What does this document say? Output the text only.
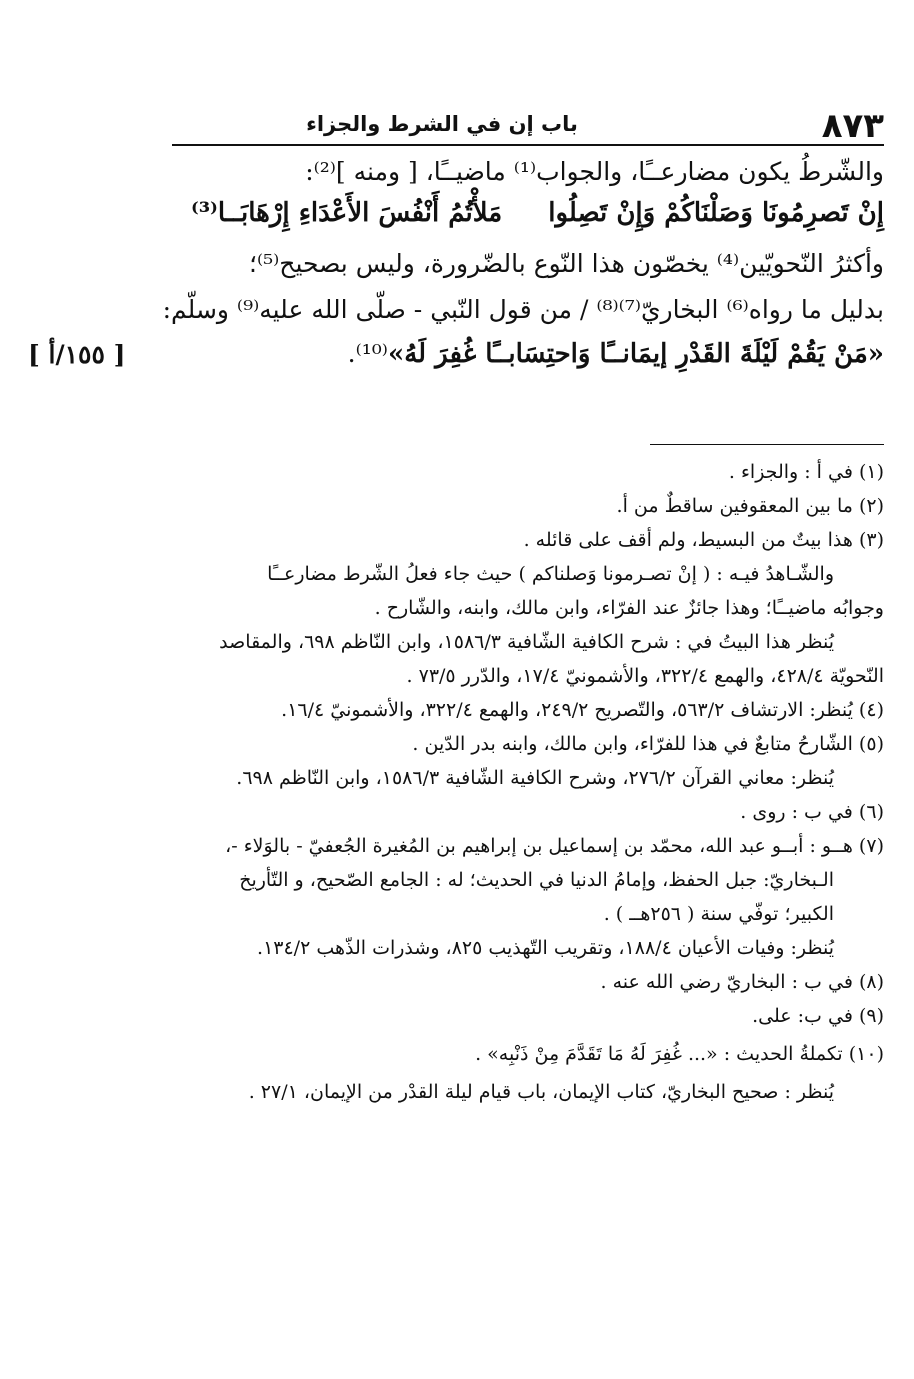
٨٧٣
باب إن في الشرط والجزاء
والشّرطُ يكون مضارعــًا، والجواب⁽¹⁾ ماضيــًا، [ ومنه ]⁽²⁾:
إِنْ تَصرِمُونَا وَصَلْنَاكُمْ وَإِنْ تَصِلُوامَلأْتُمُ أَنْفُسَ الأَعْدَاءِ إِرْهَابَــا⁽³⁾
وأكثرُ النّحويّين⁽⁴⁾ يخصّون هذا النّوع بالضّرورة، وليس بصحيح⁽⁵⁾؛
بدليل ما رواه⁽⁶⁾ البخاريّ⁽⁷⁾⁽⁸⁾ / من قول النّبي - صلّى الله عليه⁽⁹⁾ وسلّم:
«مَنْ يَقُمْ لَيْلَةَ القَدْرِ إيمَانــًا وَاحتِسَابــًا غُفِرَ لَهُ»⁽¹⁰⁾.
[ ١٥٥/أ ]
(١) في أ : والجزاء .
(٢) ما بين المعقوفين ساقطٌ من أ.
(٣) هذا بيتٌ من البسيط، ولم أقف على قائله .
والشّـاهدُ فيـه : ( إنْ تصـرمونا وَصلناكم ) حيث جاء فعلُ الشّرط مضارعــًا
وجوابُه ماضيــًا؛ وهذا جائزٌ عند الفرّاء، وابن مالك، وابنه، والشّارح .
يُنظر هذا البيتُ في : شرح الكافية الشّافية ١٥٨٦/٣، وابن النّاظم ٦٩٨، والمقاصد
النّحويّة ٤٢٨/٤، والهمع ٣٢٢/٤، والأشمونيّ ١٧/٤، والدّرر ٧٣/٥ .
(٤) يُنظر: الارتشاف ٥٦٣/٢، والتّصريح ٢٤٩/٢، والهمع ٣٢٢/٤، والأشمونيّ ١٦/٤.
(٥) الشّارحُ متابعٌ في هذا للفرّاء، وابن مالك، وابنه بدر الدّين .
يُنظر: معاني القرآن ٢٧٦/٢، وشرح الكافية الشّافية ١٥٨٦/٣، وابن النّاظم ٦٩٨.
(٦) في ب : روى .
(٧) هــو : أبــو عبد الله، محمّد بن إسماعيل بن إبراهيم بن المُغيرة الجُعفيّ - بالوَلاء -،
الـبخاريّ: جبل الحفظ، وإمامُ الدنيا في الحديث؛ له : الجامع الصّحيح، و التّأريخ
الكبير؛ توفّي سنة ( ٢٥٦هــ ) .
يُنظر: وفيات الأعيان ١٨٨/٤، وتقريب التّهذيب ٨٢٥، وشذرات الذّهب ١٣٤/٢.
(٨) في ب : البخاريّ رضي الله عنه .
(٩) في ب: على.
(١٠) تكملةُ الحديث : «... غُفِرَ لَهُ مَا تَقَدَّمَ مِنْ ذَنْبِه» .
يُنظر : صحيح البخاريّ، كتاب الإيمان، باب قيام ليلة القدْر من الإيمان، ٢٧/١ .
